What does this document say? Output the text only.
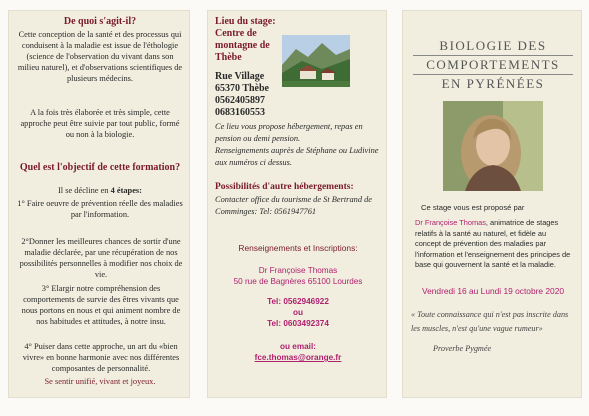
De quoi s'agit-il?
Cette conception de la santé et des processus qui conduisent à la maladie est issue de l'éthologie (science de l'observation du vivant dans son milieu naturel), et d'observations scientifiques de plusieurs médecins.
A la fois très élaborée et très simple, cette approche peut être suivie par tout public, formé ou non à la biologie.
Quel est l'objectif de cette formation?
Il se décline en 4 étapes:
1° Faire oeuvre de prévention réelle des maladies par l'information.
2°Donner les meilleures chances de sortir d'une maladie déclarée, par une récupération de nos possibilités personnelles à modifier nos choix de vie.
3° Elargir notre compréhension des comportements de survie des êtres vivants que nous portons en nous et qui animent nombre de nos habitudes et attitudes, à notre insu.
4° Puiser dans cette approche, un art du «bien vivre» en bonne harmonie avec nos différentes composantes de personnalité.
Se sentir unifié, vivant et joyeux.
Lieu du stage:
Centre de montagne de Thèbe
Rue Village
65370 Thèbe
0562405897
0683160553
Ce lieu vous propose hébergement, repas en pension ou demi pension.
Renseignements auprès de Stéphane ou Ludivine aux numéros ci dessus.
Possibilités d'autre hébergements:
Contacter office du tourisme de St Bertrand de Comminges: Tel: 0561947761
Renseignements et Inscriptions:
Dr Françoise Thomas
50 rue de Bagnères 65100 Lourdes
Tel: 0562946922
ou
Tel: 0603492374
ou email:
fce.thomas@orange.fr
BIOLOGIE DES
COMPORTEMENTS
EN PYRÉNÉES
Ce stage vous est proposé par
Dr Françoise Thomas, animatrice de stages relatifs à la santé au naturel, et fidèle au concept de prévention des maladies par l'information et l'enseignement des principes de base qui gouvernent la santé et la maladie.
Vendredi 16 au Lundi 19 octobre 2020
« Toute connaissance qui n'est pas inscrite dans les muscles, n'est qu'une vague rumeur»
Proverbe Pygmée
